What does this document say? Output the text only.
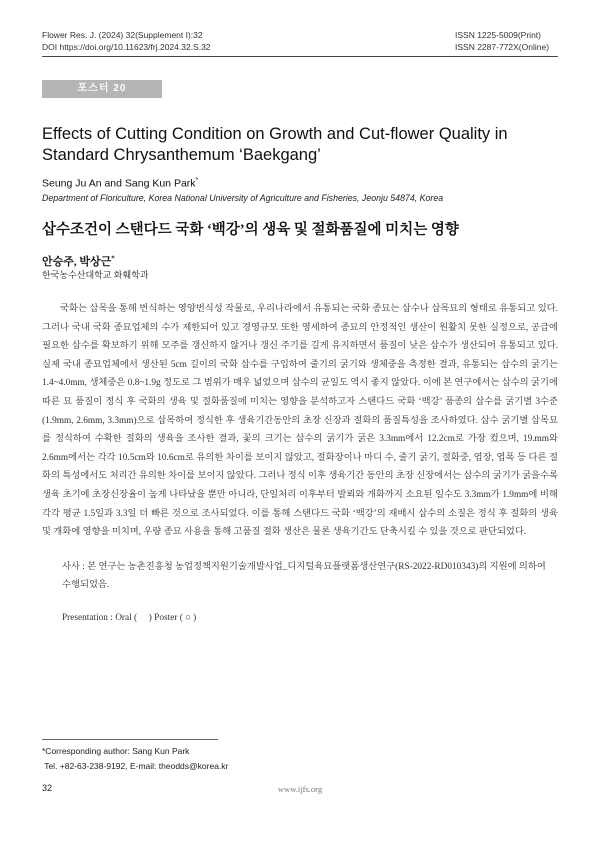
Flower Res. J. (2024) 32(Supplement I):32
DOI https://doi.org/10.11623/frj.2024.32.S.32
ISSN 1225-5009(Print)
ISSN 2287-772X(Online)
포스터 20
Effects of Cutting Condition on Growth and Cut-flower Quality in Standard Chrysanthemum ‘Baekgang’
Seung Ju An and Sang Kun Park*
Department of Floriculture, Korea National University of Agriculture and Fisheries, Jeonju 54874, Korea
삽수조건이 스탠다드 국화 ‘백강’의 생육 및 절화품질에 미치는 영향
안승주, 박상근*
한국농수산대학교 화훼학과
국화는 삽목을 통해 번식하는 영양번식성 작물로, 우리나라에서 유통되는 국화 종묘는 삽수나 삽목묘의 형태로 유통되고 있다. 그러나 국내 국화 종묘업체의 수가 제한되어 있고 경영규모 또한 영세하여 종묘의 안정적인 생산이 원활치 못한 실정으로, 공급에 필요한 삽수를 확보하기 위해 모주를 갱신하지 않거나 갱신 주기를 길게 유지하면서 품질이 낮은 삽수가 생산되어 유통되고 있다. 실제 국내 종묘업체에서 생산된 5cm 길이의 국화 삽수를 구입하여 줄기의 굵기와 생체중을 측정한 결과, 유통되는 삽수의 굵기는 1.4~4.0mm, 생체중은 0.8~1.9g 정도로 그 범위가 매우 넓었으며 삽수의 균일도 역시 좋지 않았다. 이에 본 연구에서는 삽수의 굵기에 따른 묘 품질이 정식 후 국화의 생육 및 절화품질에 미치는 영향을 분석하고자 스탠다드 국화 ‘백강’ 품종의 삽수를 굵기별 3수준(1.9mm, 2.6mm, 3.3mm)으로 삽목하여 정식한 후 생육기간동안의 초장 신장과 절화의 품질특성을 조사하였다. 삽수 굵기별 삽목묘를 정식하여 수확한 절화의 생육을 조사한 결과, 꽃의 크기는 삽수의 굵기가 굵은 3.3mm에서 12.2cm로 가장 컸으며, 19.mm와 2.6mm에서는 각각 10.5cm와 10.6cm로 유의한 차이를 보이지 않았고, 절화장이나 마디 수, 줄기 굵기, 절화중, 엽장, 엽폭 등 다른 절화의 특성에서도 처리간 유의한 차이를 보이지 않았다. 그러나 정식 이후 생육기간 동안의 초장 신장에서는 삽수의 굵기가 굵을수록 생육 초기에 초장신장율이 높게 나타났을 뿐만 아니라, 단일처리 이후부터 발뢰와 개화까지 소요된 일수도 3.3mm가 1.9mm에 비해 각각 평균 1.5일과 3.3일 더 빠른 것으로 조사되었다. 이를 통해 스탠다드 국화 ‘백강’의 재배시 삽수의 소질은 정식 후 절화의 생육 및 개화에 영향을 미치며, 우량 종묘 사용을 통해 고품질 절화 생산은 물론 생육기간도 단축시킬 수 있을 것으로 판단되었다.
사사 : 본 연구는 농촌진흥청 농업정책지원기술개발사업_디지털육묘플랫폼생산연구(RS-2022-RD010343)의 지원에 의하여 수행되었음.
Presentation : Oral (     ) Poster ( ○ )
*Corresponding author: Sang Kun Park
Tel. +82-63-238-9192, E-mail: theodds@korea.kr
32	www.ijfs.org
